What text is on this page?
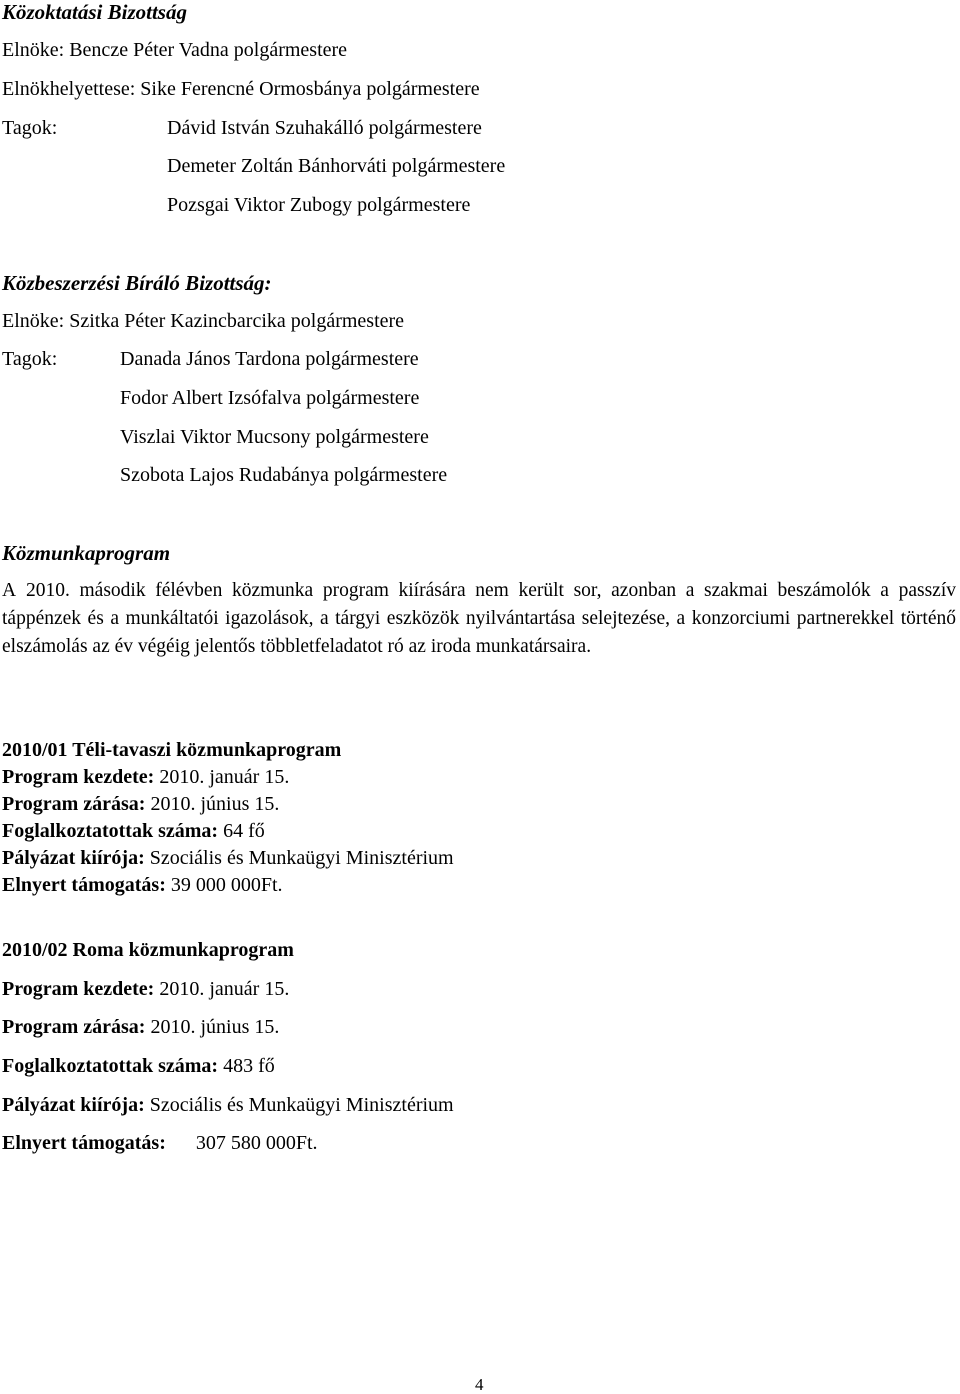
Közoktatási Bizottság
Elnöke: Bencze Péter Vadna polgármestere
Elnökhelyettese: Sike Ferencné Ormosbánya polgármestere
Tagok:	Dávid István Szuhakálló polgármestere
Demeter Zoltán Bánhorváti polgármestere
Pozsgai Viktor Zubogy polgármestere
Közbeszerzési Bíráló Bizottság:
Elnöke: Szitka Péter Kazincbarcika polgármestere
Tagok:	Danada János Tardona polgármestere
Fodor Albert Izsófalva polgármestere
Viszlai Viktor Mucsony polgármestere
Szobota Lajos Rudabánya polgármestere
Közmunkaprogram
A 2010. második félévben közmunka program kiírására nem került sor, azonban a szakmai beszámolók a passzív táppénzek és a munkáltatói igazolások, a tárgyi eszközök nyilvántartása selejtezése, a konzorciumi partnerekkel történő elszámolás az év végéig jelentős többletfeladatot ró az iroda munkatársaira.
2010/01 Téli-tavaszi közmunkaprogram
Program kezdete: 2010. január 15.
Program zárása: 2010. június 15.
Foglalkoztatottak száma: 64 fő
Pályázat kiírója: Szociális és Munkaügyi Minisztérium
Elnyert támogatás: 39 000 000Ft.
2010/02 Roma közmunkaprogram
Program kezdete: 2010. január 15.
Program zárása: 2010. június 15.
Foglalkoztatottak száma: 483 fő
Pályázat kiírója: Szociális és Munkaügyi Minisztérium
Elnyert támogatás: 307 580 000Ft.
4
